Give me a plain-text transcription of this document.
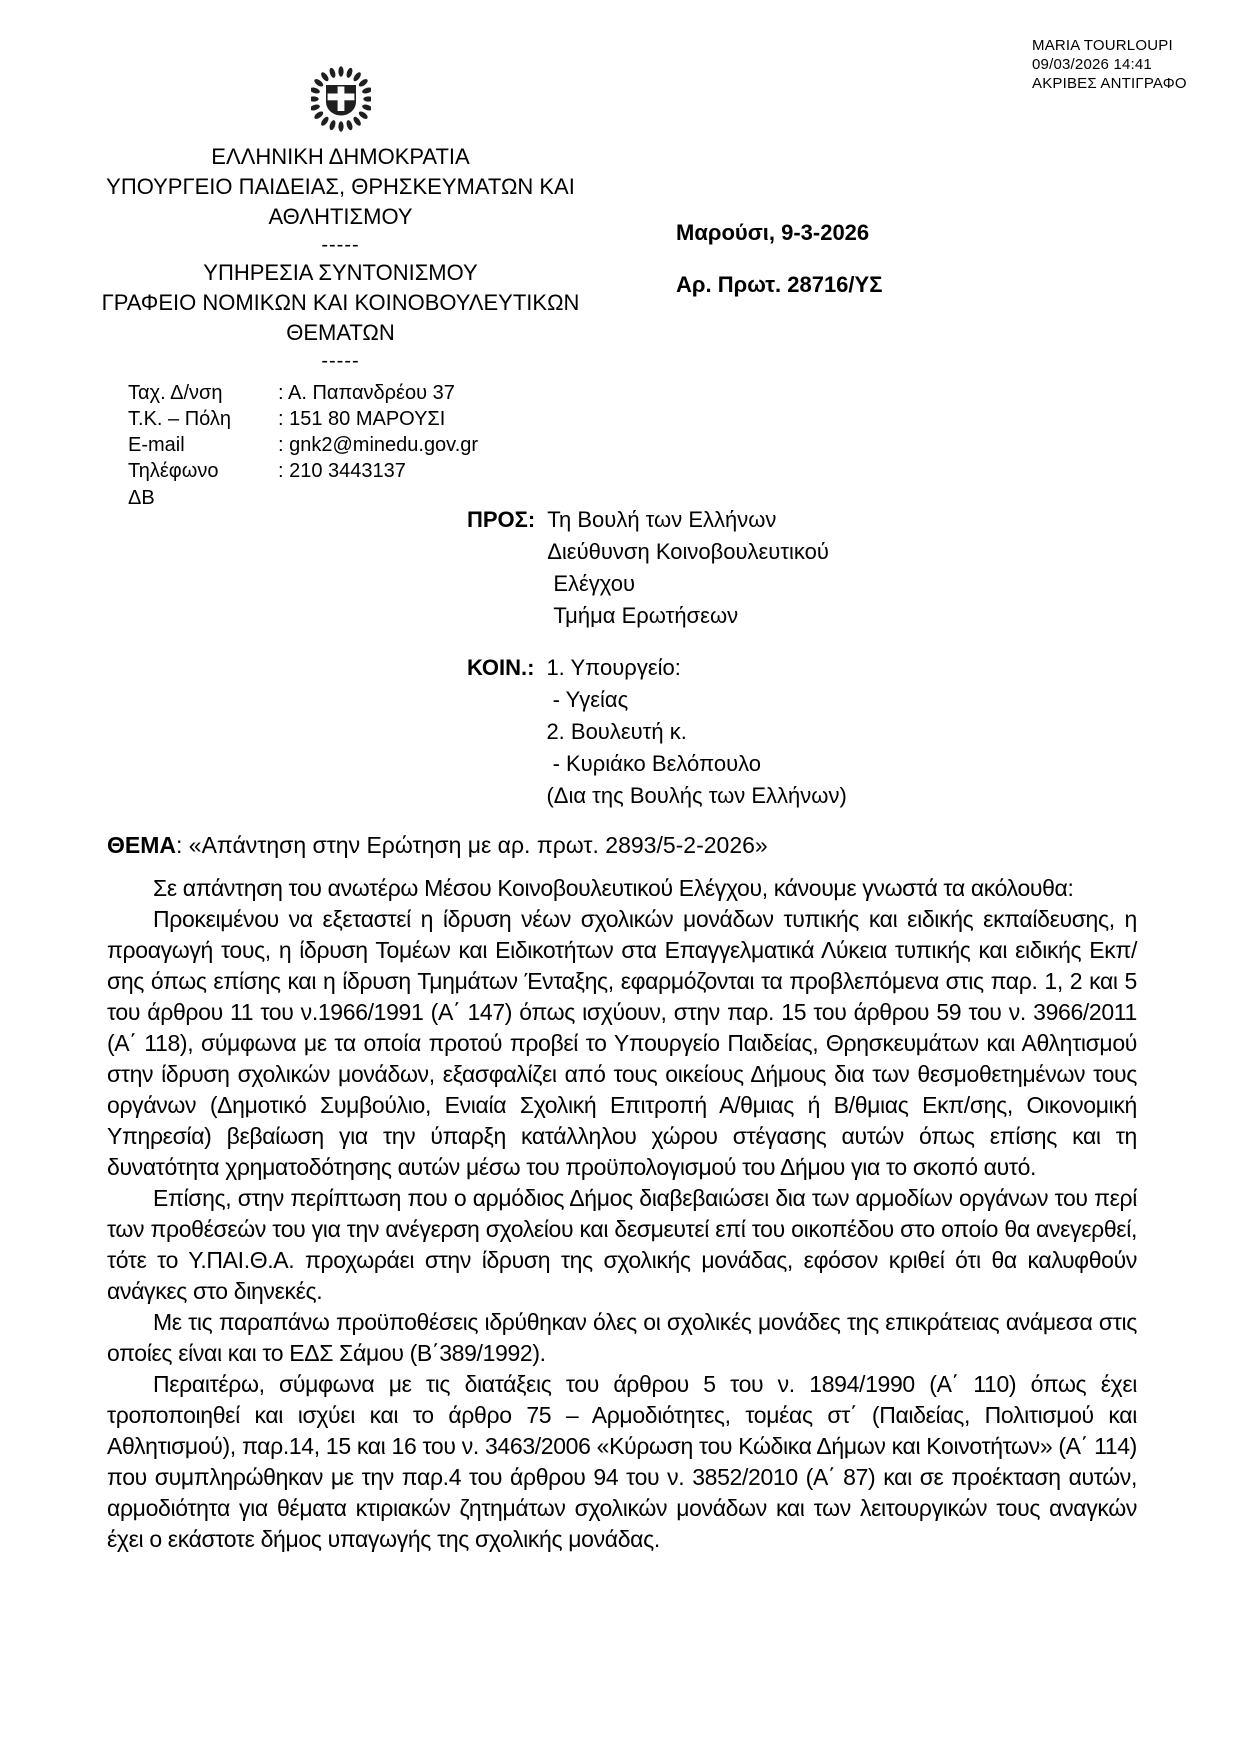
MARIA TOURLOUPI
09/03/2026 14:41
ΑΚΡΙΒΕΣ ΑΝΤΙΓΡΑΦΟ
ΕΛΛΗΝΙΚΗ ΔΗΜΟΚΡΑΤΙΑ
ΥΠΟΥΡΓΕΙΟ ΠΑΙΔΕΙΑΣ, ΘΡΗΣΚΕΥΜΑΤΩΝ ΚΑΙ ΑΘΛΗΤΙΣΜΟΥ
-----
ΥΠΗΡΕΣΙΑ ΣΥΝΤΟΝΙΣΜΟΥ
ΓΡΑΦΕΙΟ ΝΟΜΙΚΩΝ ΚΑΙ ΚΟΙΝΟΒΟΥΛΕΥΤΙΚΩΝ ΘΕΜΑΤΩΝ
-----
Ταχ. Δ/νση	: Α. Παπανδρέου 37
Τ.Κ. – Πόλη	: 151 80 ΜΑΡΟΥΣΙ
E-mail	: gnk2@minedu.gov.gr
Τηλέφωνο	: 210 3443137
ΔΒ
Μαρούσι, 9-3-2026
Αρ. Πρωτ. 28716/ΥΣ
ΠΡΟΣ: Τη Βουλή των Ελλήνων
Διεύθυνση Κοινοβουλευτικού
Ελέγχου
Τμήμα Ερωτήσεων
ΚΟΙΝ.: 1. Υπουργείο:
- Υγείας
2. Βουλευτή κ.
- Κυριάκο Βελόπουλο
(Δια της Βουλής των Ελλήνων)
ΘΕΜΑ: «Απάντηση στην Ερώτηση με αρ. πρωτ. 2893/5-2-2026»

Σε απάντηση του ανωτέρω Μέσου Κοινοβουλευτικού Ελέγχου, κάνουμε γνωστά τα ακόλουθα:

Προκειμένου να εξεταστεί η ίδρυση νέων σχολικών μονάδων τυπικής και ειδικής εκπαίδευσης, η προαγωγή τους, η ίδρυση Τομέων και Ειδικοτήτων στα Επαγγελματικά Λύκεια τυπικής και ειδικής Εκπ/σης όπως επίσης και η ίδρυση Τμημάτων Ένταξης, εφαρμόζονται τα προβλεπόμενα στις παρ. 1, 2 και 5 του άρθρου 11 του ν.1966/1991 (Α΄ 147) όπως ισχύουν, στην παρ. 15 του άρθρου 59 του ν. 3966/2011 (Α΄ 118), σύμφωνα με τα οποία προτού προβεί το Υπουργείο Παιδείας, Θρησκευμάτων και Αθλητισμού στην ίδρυση σχολικών μονάδων, εξασφαλίζει από τους οικείους Δήμους δια των θεσμοθετημένων τους οργάνων (Δημοτικό Συμβούλιο, Ενιαία Σχολική Επιτροπή Α/θμιας ή Β/θμιας Εκπ/σης, Οικονομική Υπηρεσία) βεβαίωση για την ύπαρξη κατάλληλου χώρου στέγασης αυτών όπως επίσης και τη δυνατότητα χρηματοδότησης αυτών μέσω του προϋπολογισμού του Δήμου για το σκοπό αυτό.

Επίσης, στην περίπτωση που ο αρμόδιος Δήμος διαβεβαιώσει δια των αρμοδίων οργάνων του περί των προθέσεών του για την ανέγερση σχολείου και δεσμευτεί επί του οικοπέδου στο οποίο θα ανεγερθεί, τότε το Υ.ΠΑΙ.Θ.Α. προχωράει στην ίδρυση της σχολικής μονάδας, εφόσον κριθεί ότι θα καλυφθούν ανάγκες στο διηνεκές.

Με τις παραπάνω προϋποθέσεις ιδρύθηκαν όλες οι σχολικές μονάδες της επικράτειας ανάμεσα στις οποίες είναι και το ΕΔΣ Σάμου (Β΄389/1992).

Περαιτέρω, σύμφωνα με τις διατάξεις του άρθρου 5 του ν. 1894/1990 (Α΄ 110) όπως έχει τροποποιηθεί και ισχύει και το άρθρο 75 – Αρμοδιότητες, τομέας στ΄ (Παιδείας, Πολιτισμού και Αθλητισμού), παρ.14, 15 και 16 του ν. 3463/2006 «Κύρωση του Κώδικα Δήμων και Κοινοτήτων» (Α΄ 114) που συμπληρώθηκαν με την παρ.4 του άρθρου 94 του ν. 3852/2010 (Α΄ 87) και σε προέκταση αυτών, αρμοδιότητα για θέματα κτιριακών ζητημάτων σχολικών μονάδων και των λειτουργικών τους αναγκών έχει ο εκάστοτε δήμος υπαγωγής της σχολικής μονάδας.
